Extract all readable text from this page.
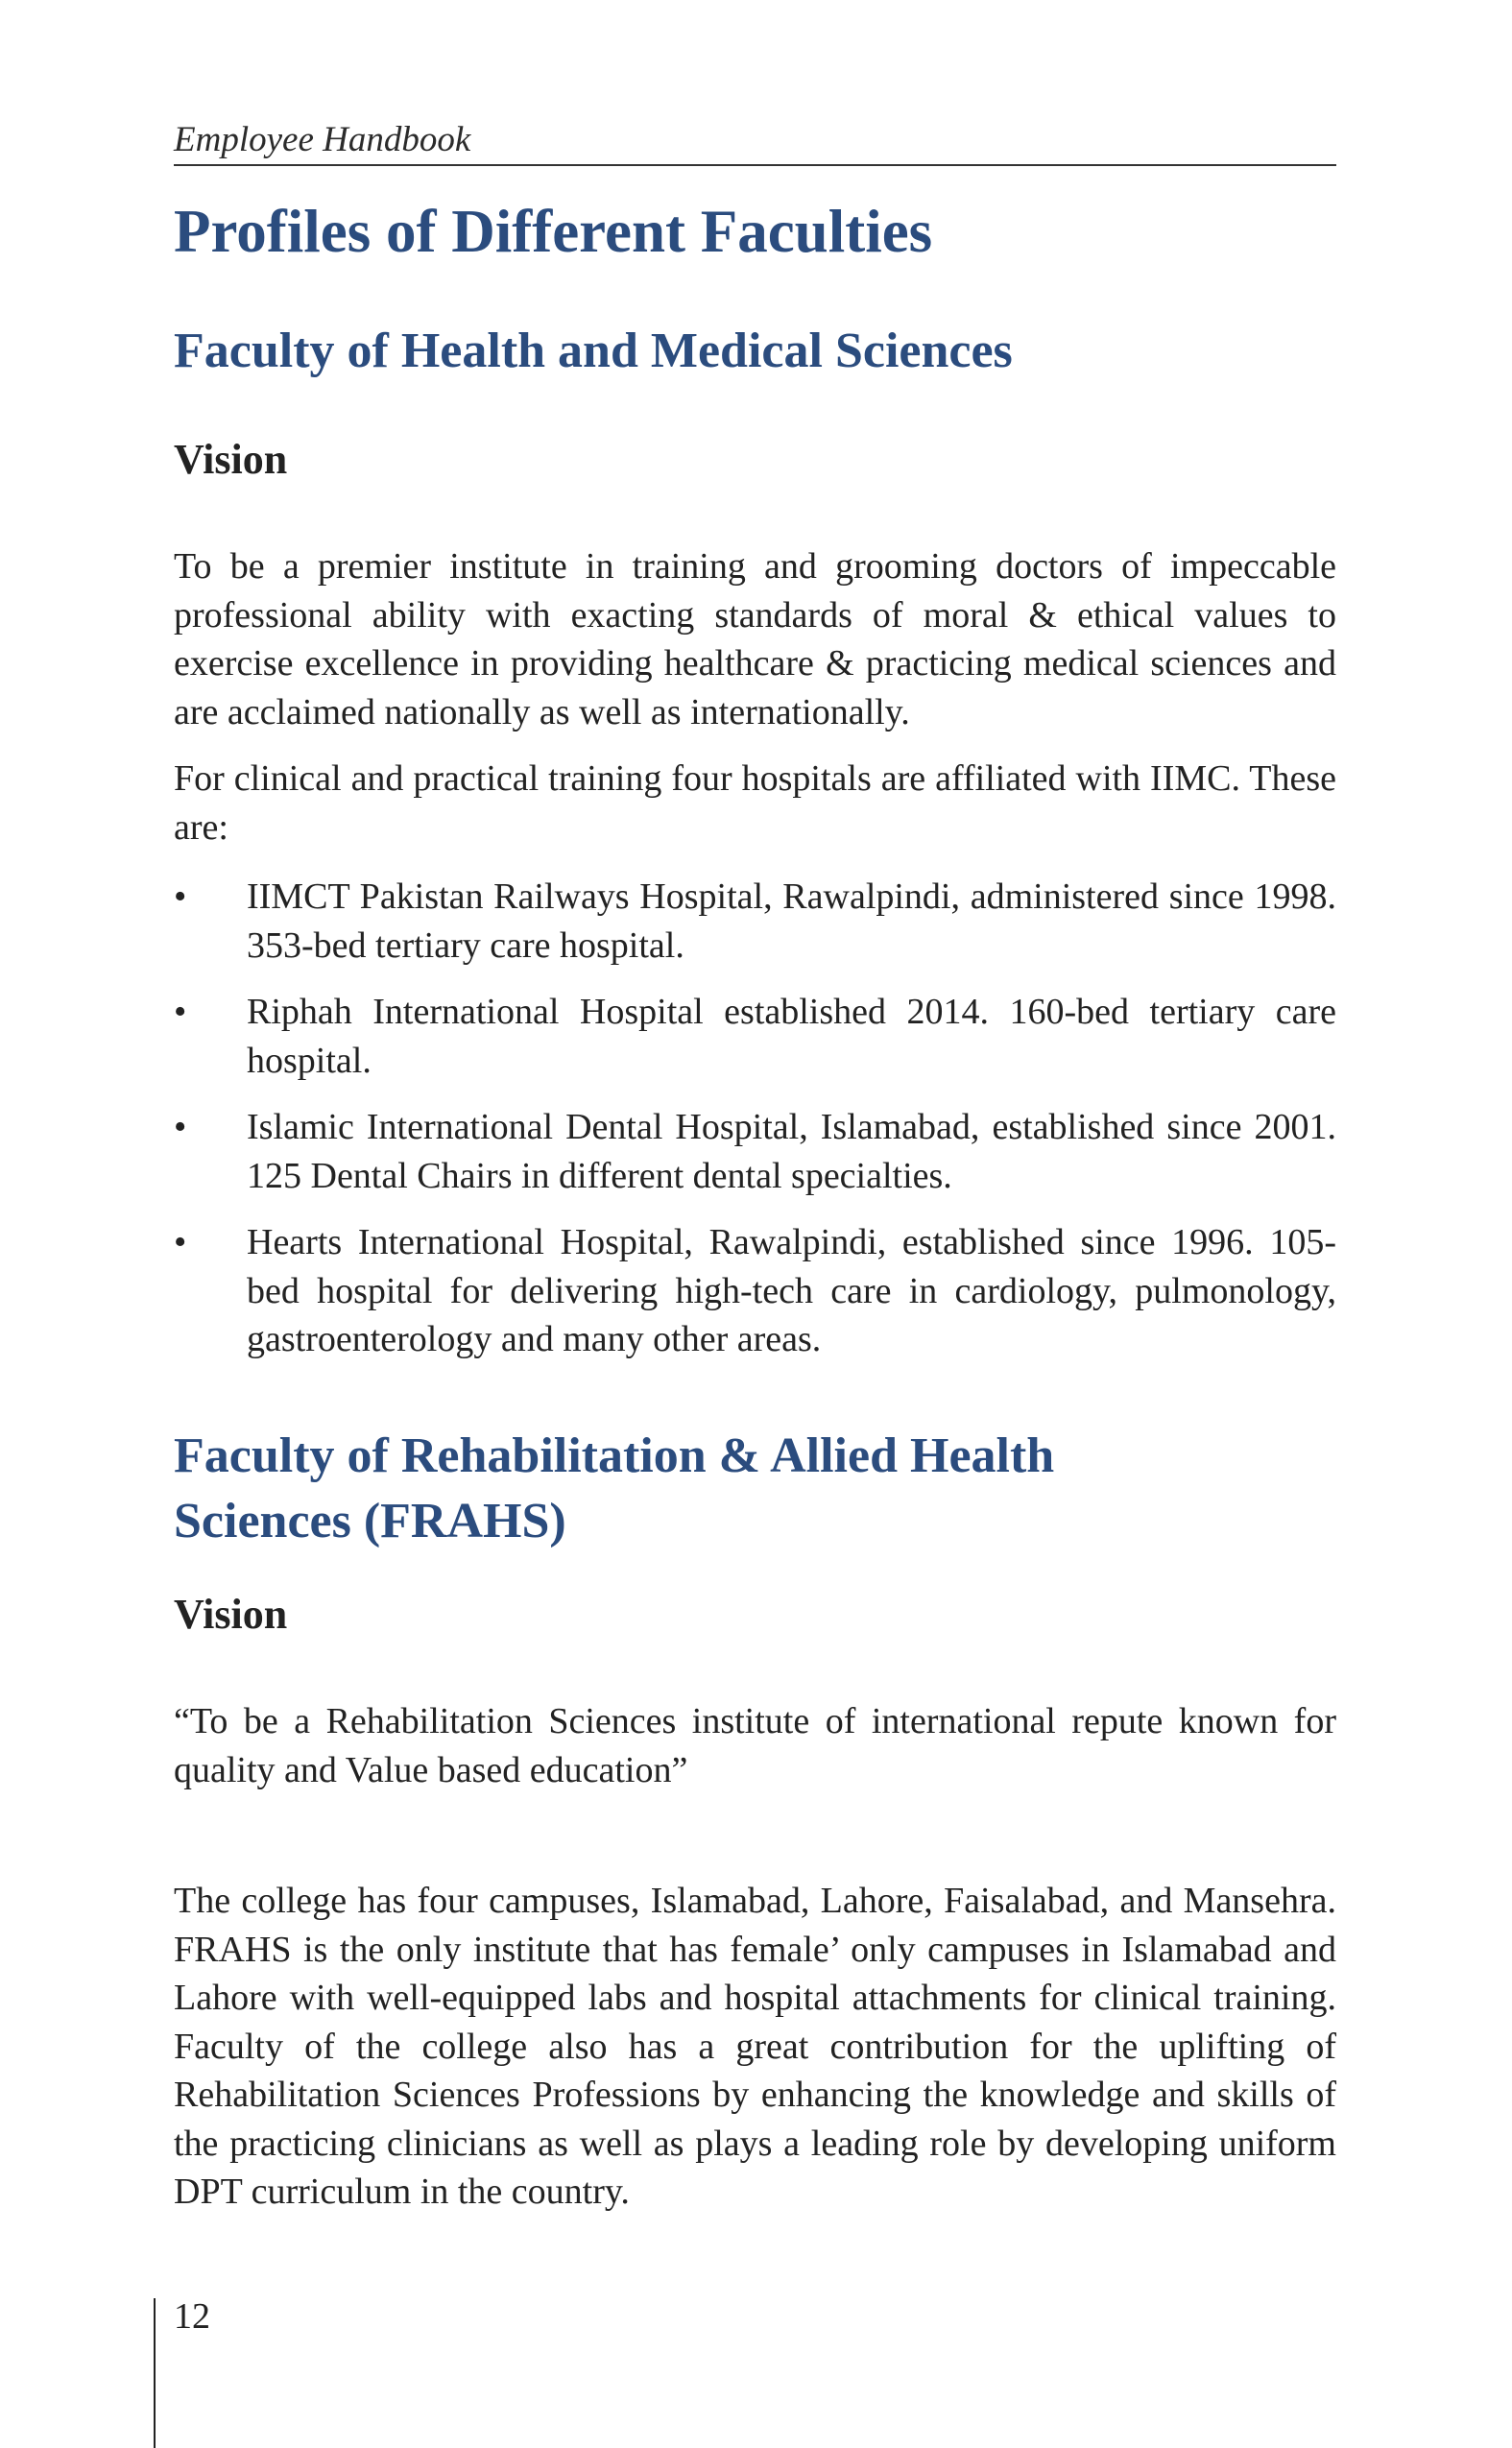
Employee Handbook
Profiles of Different Faculties
Faculty of Health and Medical Sciences
Vision

To be a premier institute in training and grooming doctors of impeccable professional ability with exacting standards of moral & ethical values to exercise excellence in providing healthcare & practicing medical sciences and are acclaimed nationally as well as internationally.

For clinical and practical training four hospitals are affiliated with IIMC. These are:

• IIMCT Pakistan Railways Hospital, Rawalpindi, administered since 1998. 353-bed tertiary care hospital.
• Riphah International Hospital established 2014. 160-bed tertiary care hospital.
• Islamic International Dental Hospital, Islamabad, established since 2001. 125 Dental Chairs in different dental specialties.
• Hearts International Hospital, Rawalpindi, established since 1996. 105-bed hospital for delivering high-tech care in cardiology, pulmonology, gastroenterology and many other areas.
Faculty of Rehabilitation & Allied Health
Sciences (FRAHS)
Vision

“To be a Rehabilitation Sciences institute of international repute known for quality and Value based education”

The college has four campuses, Islamabad, Lahore, Faisalabad, and Mansehra. FRAHS is the only institute that has female’ only campuses in Islamabad and Lahore with well-equipped labs and hospital attachments for clinical training. Faculty of the college also has a great contribution for the uplifting of Rehabilitation Sciences Professions by enhancing the knowledge and skills of the practicing clinicians as well as plays a leading role by developing uniform DPT curriculum in the country.

12
